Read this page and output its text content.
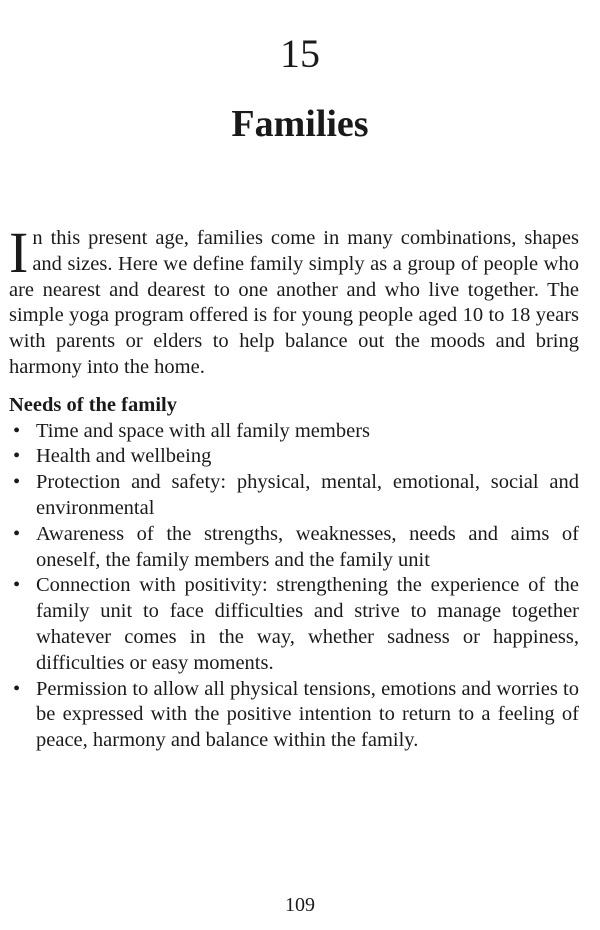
15
Families

In this present age, families come in many combinations, shapes and sizes. Here we define family simply as a group of people who are nearest and dearest to one another and who live together. The simple yoga program offered is for young people aged 10 to 18 years with parents or elders to help balance out the moods and bring harmony into the home.

Needs of the family
• Time and space with all family members
• Health and wellbeing
• Protection and safety: physical, mental, emotional, social and environmental
• Awareness of the strengths, weaknesses, needs and aims of oneself, the family members and the family unit
• Connection with positivity: strengthening the experience of the family unit to face difficulties and strive to manage together whatever comes in the way, whether sadness or happiness, difficulties or easy moments.
• Permission to allow all physical tensions, emotions and worries to be expressed with the positive intention to return to a feeling of peace, harmony and balance within the family.
109
